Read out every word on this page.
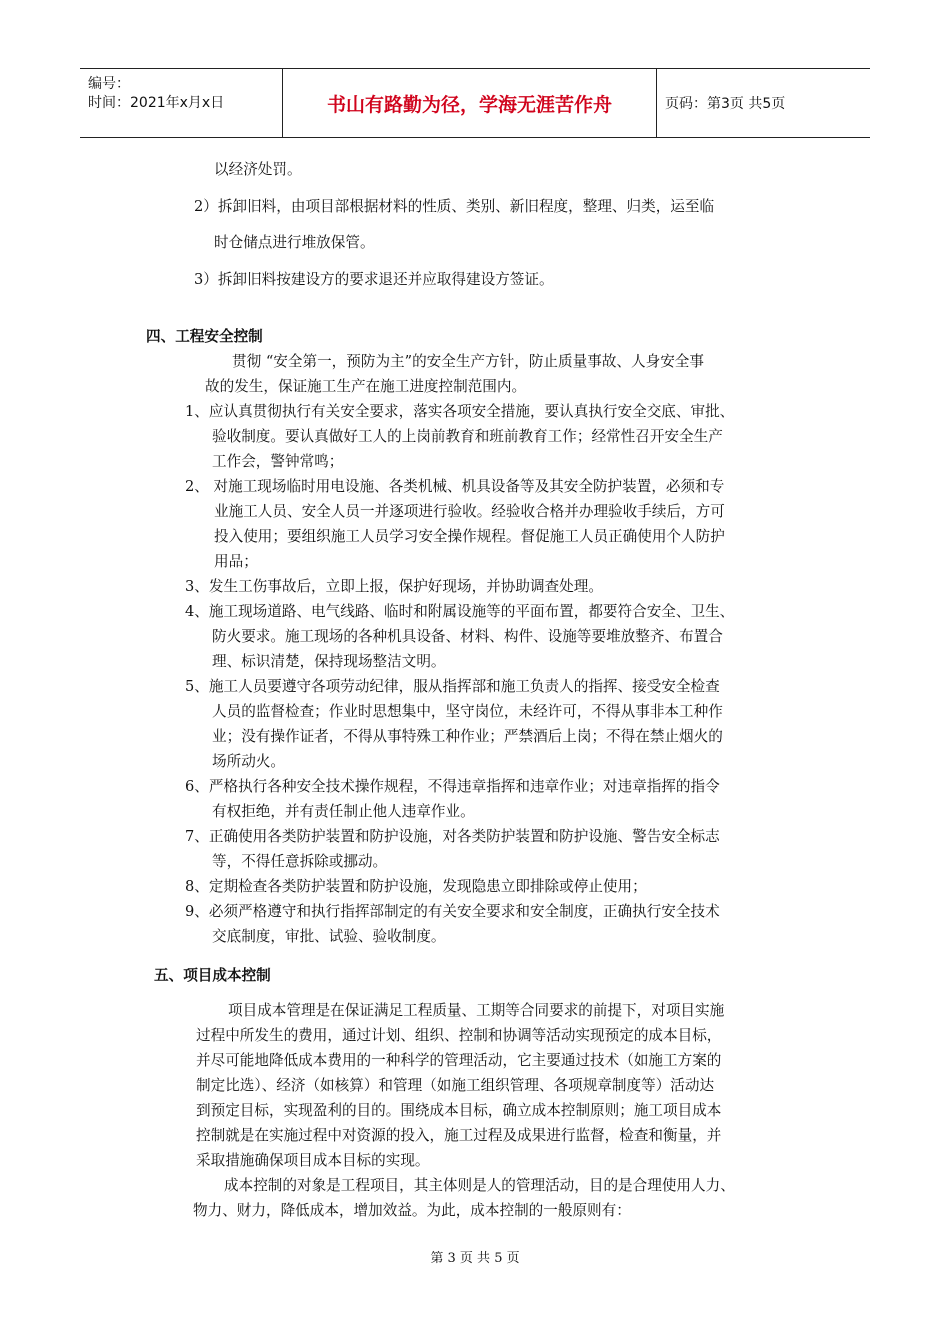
编号：
时间：2021年x月x日	书山有路勤为径，学海无涯苦作舟	页码：第3页 共5页
以经济处罚。
2）拆卸旧料，由项目部根据材料的性质、类别、新旧程度，整理、归类，运至临
时仓储点进行堆放保管。
3）拆卸旧料按建设方的要求退还并应取得建设方签证。
四、工程安全控制
贯彻 “安全第一，预防为主”的安全生产方针，防止质量事故、人身安全事
故的发生，保证施工生产在施工进度控制范围内。
1、应认真贯彻执行有关安全要求，落实各项安全措施，要认真执行安全交底、审批、
验收制度。要认真做好工人的上岗前教育和班前教育工作；经常性召开安全生产
工作会，警钟常鸣；
2、 对施工现场临时用电设施、各类机械、机具设备等及其安全防护装置，必须和专
业施工人员、安全人员一并逐项进行验收。经验收合格并办理验收手续后，方可
投入使用；要组织施工人员学习安全操作规程。督促施工人员正确使用个人防护
用品；
3、发生工伤事故后，立即上报，保护好现场，并协助调查处理。
4、施工现场道路、电气线路、临时和附属设施等的平面布置，都要符合安全、卫生、
防火要求。施工现场的各种机具设备、材料、构件、设施等要堆放整齐、布置合
理、标识清楚，保持现场整洁文明。
5、施工人员要遵守各项劳动纪律，服从指挥部和施工负责人的指挥、接受安全检查
人员的监督检查；作业时思想集中，坚守岗位，未经许可，不得从事非本工种作
业；没有操作证者，不得从事特殊工种作业；严禁酒后上岗；不得在禁止烟火的
场所动火。
6、严格执行各种安全技术操作规程，不得违章指挥和违章作业；对违章指挥的指令
有权拒绝，并有责任制止他人违章作业。
7、正确使用各类防护装置和防护设施，对各类防护装置和防护设施、警告安全标志
等，不得任意拆除或挪动。
8、定期检查各类防护装置和防护设施，发现隐患立即排除或停止使用；
9、必须严格遵守和执行指挥部制定的有关安全要求和安全制度，正确执行安全技术
交底制度，审批、试验、验收制度。
五、项目成本控制
项目成本管理是在保证满足工程质量、工期等合同要求的前提下，对项目实施
过程中所发生的费用，通过计划、组织、控制和协调等活动实现预定的成本目标，
并尽可能地降低成本费用的一种科学的管理活动，它主要通过技术（如施工方案的
制定比选）、经济（如核算）和管理（如施工组织管理、各项规章制度等）活动达
到预定目标，实现盈利的目的。围绕成本目标，确立成本控制原则；施工项目成本
控制就是在实施过程中对资源的投入，施工过程及成果进行监督，检查和衡量，并
采取措施确保项目成本目标的实现。
成本控制的对象是工程项目，其主体则是人的管理活动，目的是合理使用人力、
物力、财力，降低成本，增加效益。为此，成本控制的一般原则有：
第 3 页 共 5 页
